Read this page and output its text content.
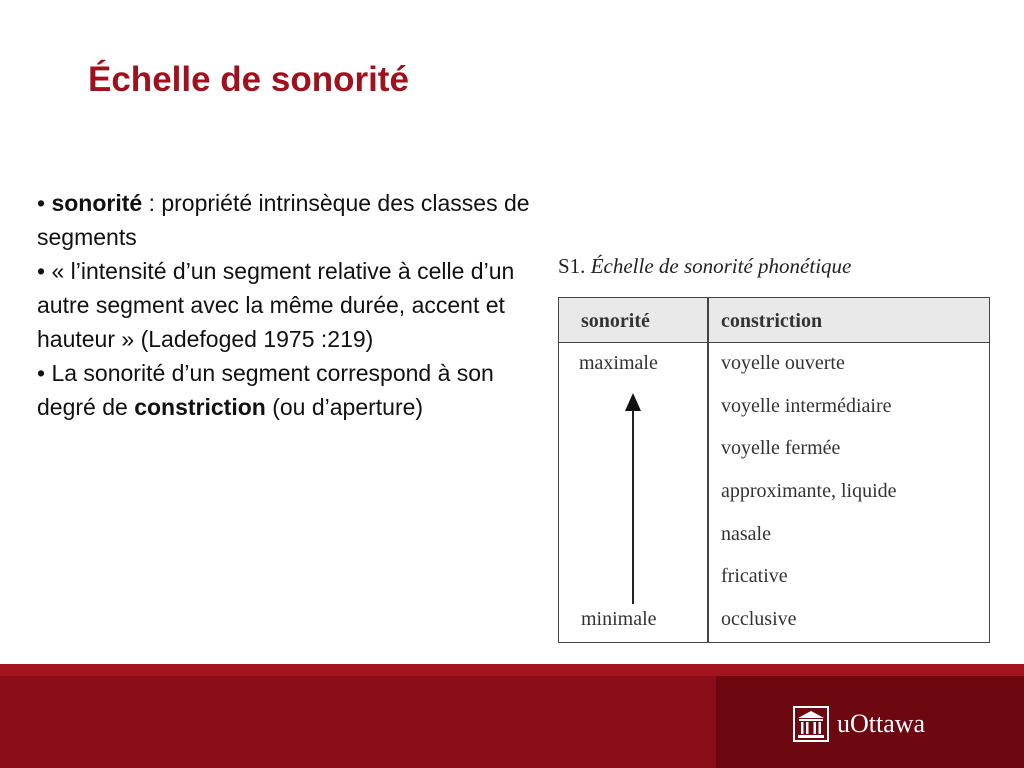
Échelle de sonorité

• sonorité : propriété intrinsèque des classes de segments

• « l’intensité d’un segment relative à celle d’un autre segment avec la même durée, accent et hauteur » (Ladefoged 1975 :219)

• La sonorité d’un segment correspond à son degré de constriction (ou d’aperture)

S1. Échelle de sonorité phonétique
sonorité	constriction
maximale
minimale
voyelle ouverte
voyelle intermédiaire
voyelle fermée
approximante, liquide
nasale
fricative
occlusive
uOttawa
